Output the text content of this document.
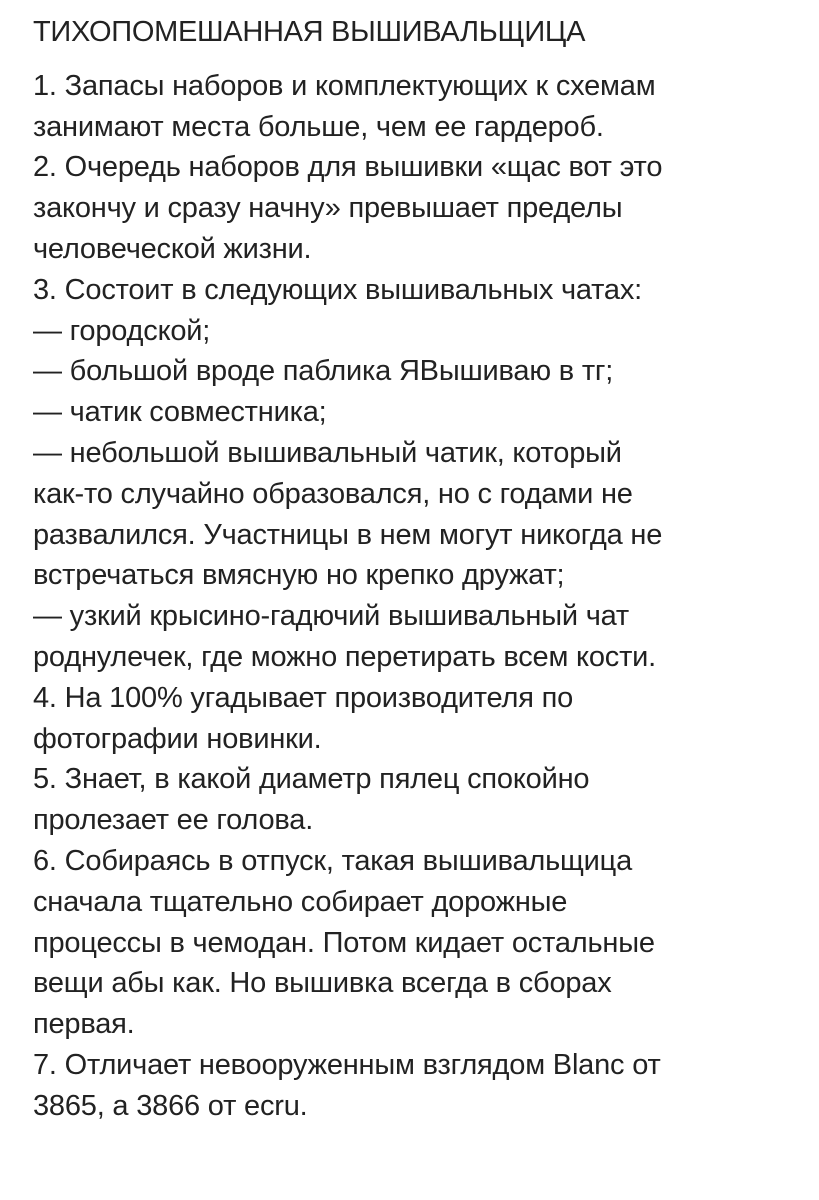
ТИХОПОМЕШАННАЯ ВЫШИВАЛЬЩИЦА

1. Запасы наборов и комплектующих к схемам

занимают места больше, чем ее гардероб.

2. Очередь наборов для вышивки «щас вот это

закончу и сразу начну» превышает пределы

человеческой жизни.

3. Состоит в следующих вышивальных чатах:

— городской;

— большой вроде паблика ЯВышиваю в тг;

— чатик совместника;

— небольшой вышивальный чатик, который

как-то случайно образовался, но с годами не

развалился. Участницы в нем могут никогда не

встречаться вмясную но крепко дружат;

— узкий крысино-гадючий вышивальный чат

роднулечек, где можно перетирать всем кости.

4. На 100% угадывает производителя по

фотографии новинки.

5. Знает, в какой диаметр пялец спокойно

пролезает ее голова.

6. Собираясь в отпуск, такая вышивальщица

сначала тщательно собирает дорожные

процессы в чемодан. Потом кидает остальные

вещи абы как. Но вышивка всегда в сборах

первая.

7. Отличает невооруженным взглядом Blanc от

3865, а 3866 от ecru.
